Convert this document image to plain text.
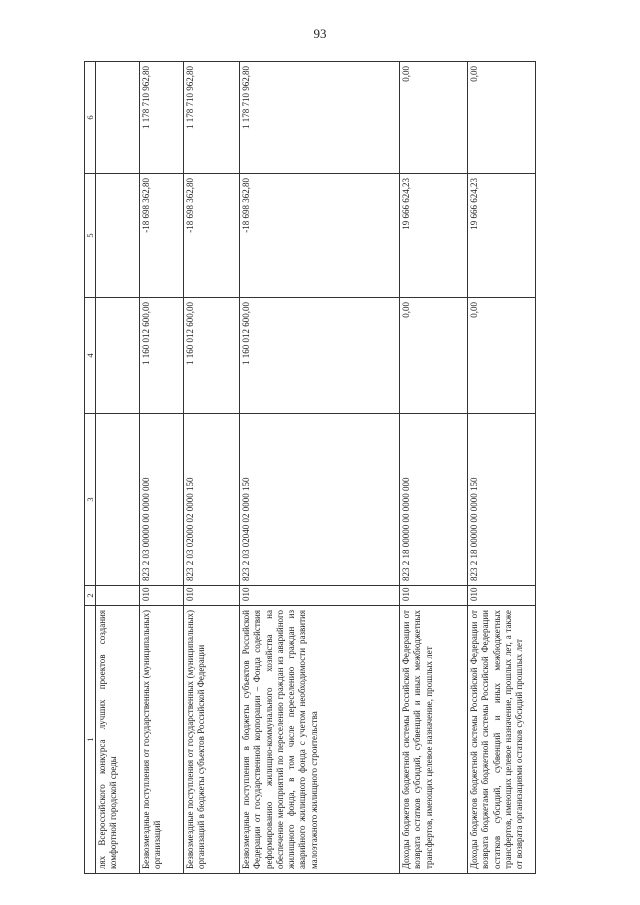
93
1	2	3	4	5	6
лях Всероссийского конкурса лучших проектов создания комфортной городской среды					
Безвозмездные поступления от государственных (муниципальных) организаций	010	823 2 03 00000 00 0000 000	1 160 012 600,00	-18 698 362,80	1 178 710 962,80
Безвозмездные поступления от государственных (муниципальных) организаций в бюджеты субъектов Российской Федерации	010	823 2 03 02000 02 0000 150	1 160 012 600,00	-18 698 362,80	1 178 710 962,80
Безвозмездные поступления в бюджеты субъектов Российской Федерации от государственной корпорации – Фонда содействия реформированию жилищно-коммунального хозяйства на обеспечение мероприятий по переселению граждан из аварийного жилищного фонда, в том числе переселению граждан из аварийного жилищного фонда с учетом необходимости развития малоэтажного жилищного строительства	010	823 2 03 02040 02 0000 150	1 160 012 600,00	-18 698 362,80	1 178 710 962,80
Доходы бюджетов бюджетной системы Российской Федерации от возврата остатков субсидий, субвенций и иных межбюджетных трансфертов, имеющих целевое назначение, прошлых лет	010	823 2 18 00000 00 0000 000	0,00	19 666 624,23	0,00
Доходы бюджетов бюджетной системы Российской Федерации от возврата бюджетами бюджетной системы Российской Федерации остатков субсидий, субвенций и иных межбюджетных трансфертов, имеющих целевое назначение, прошлых лет, а также от возврата организациями остатков субсидий прошлых лет	010	823 2 18 00000 00 0000 150	0,00	19 666 624,23	0,00
